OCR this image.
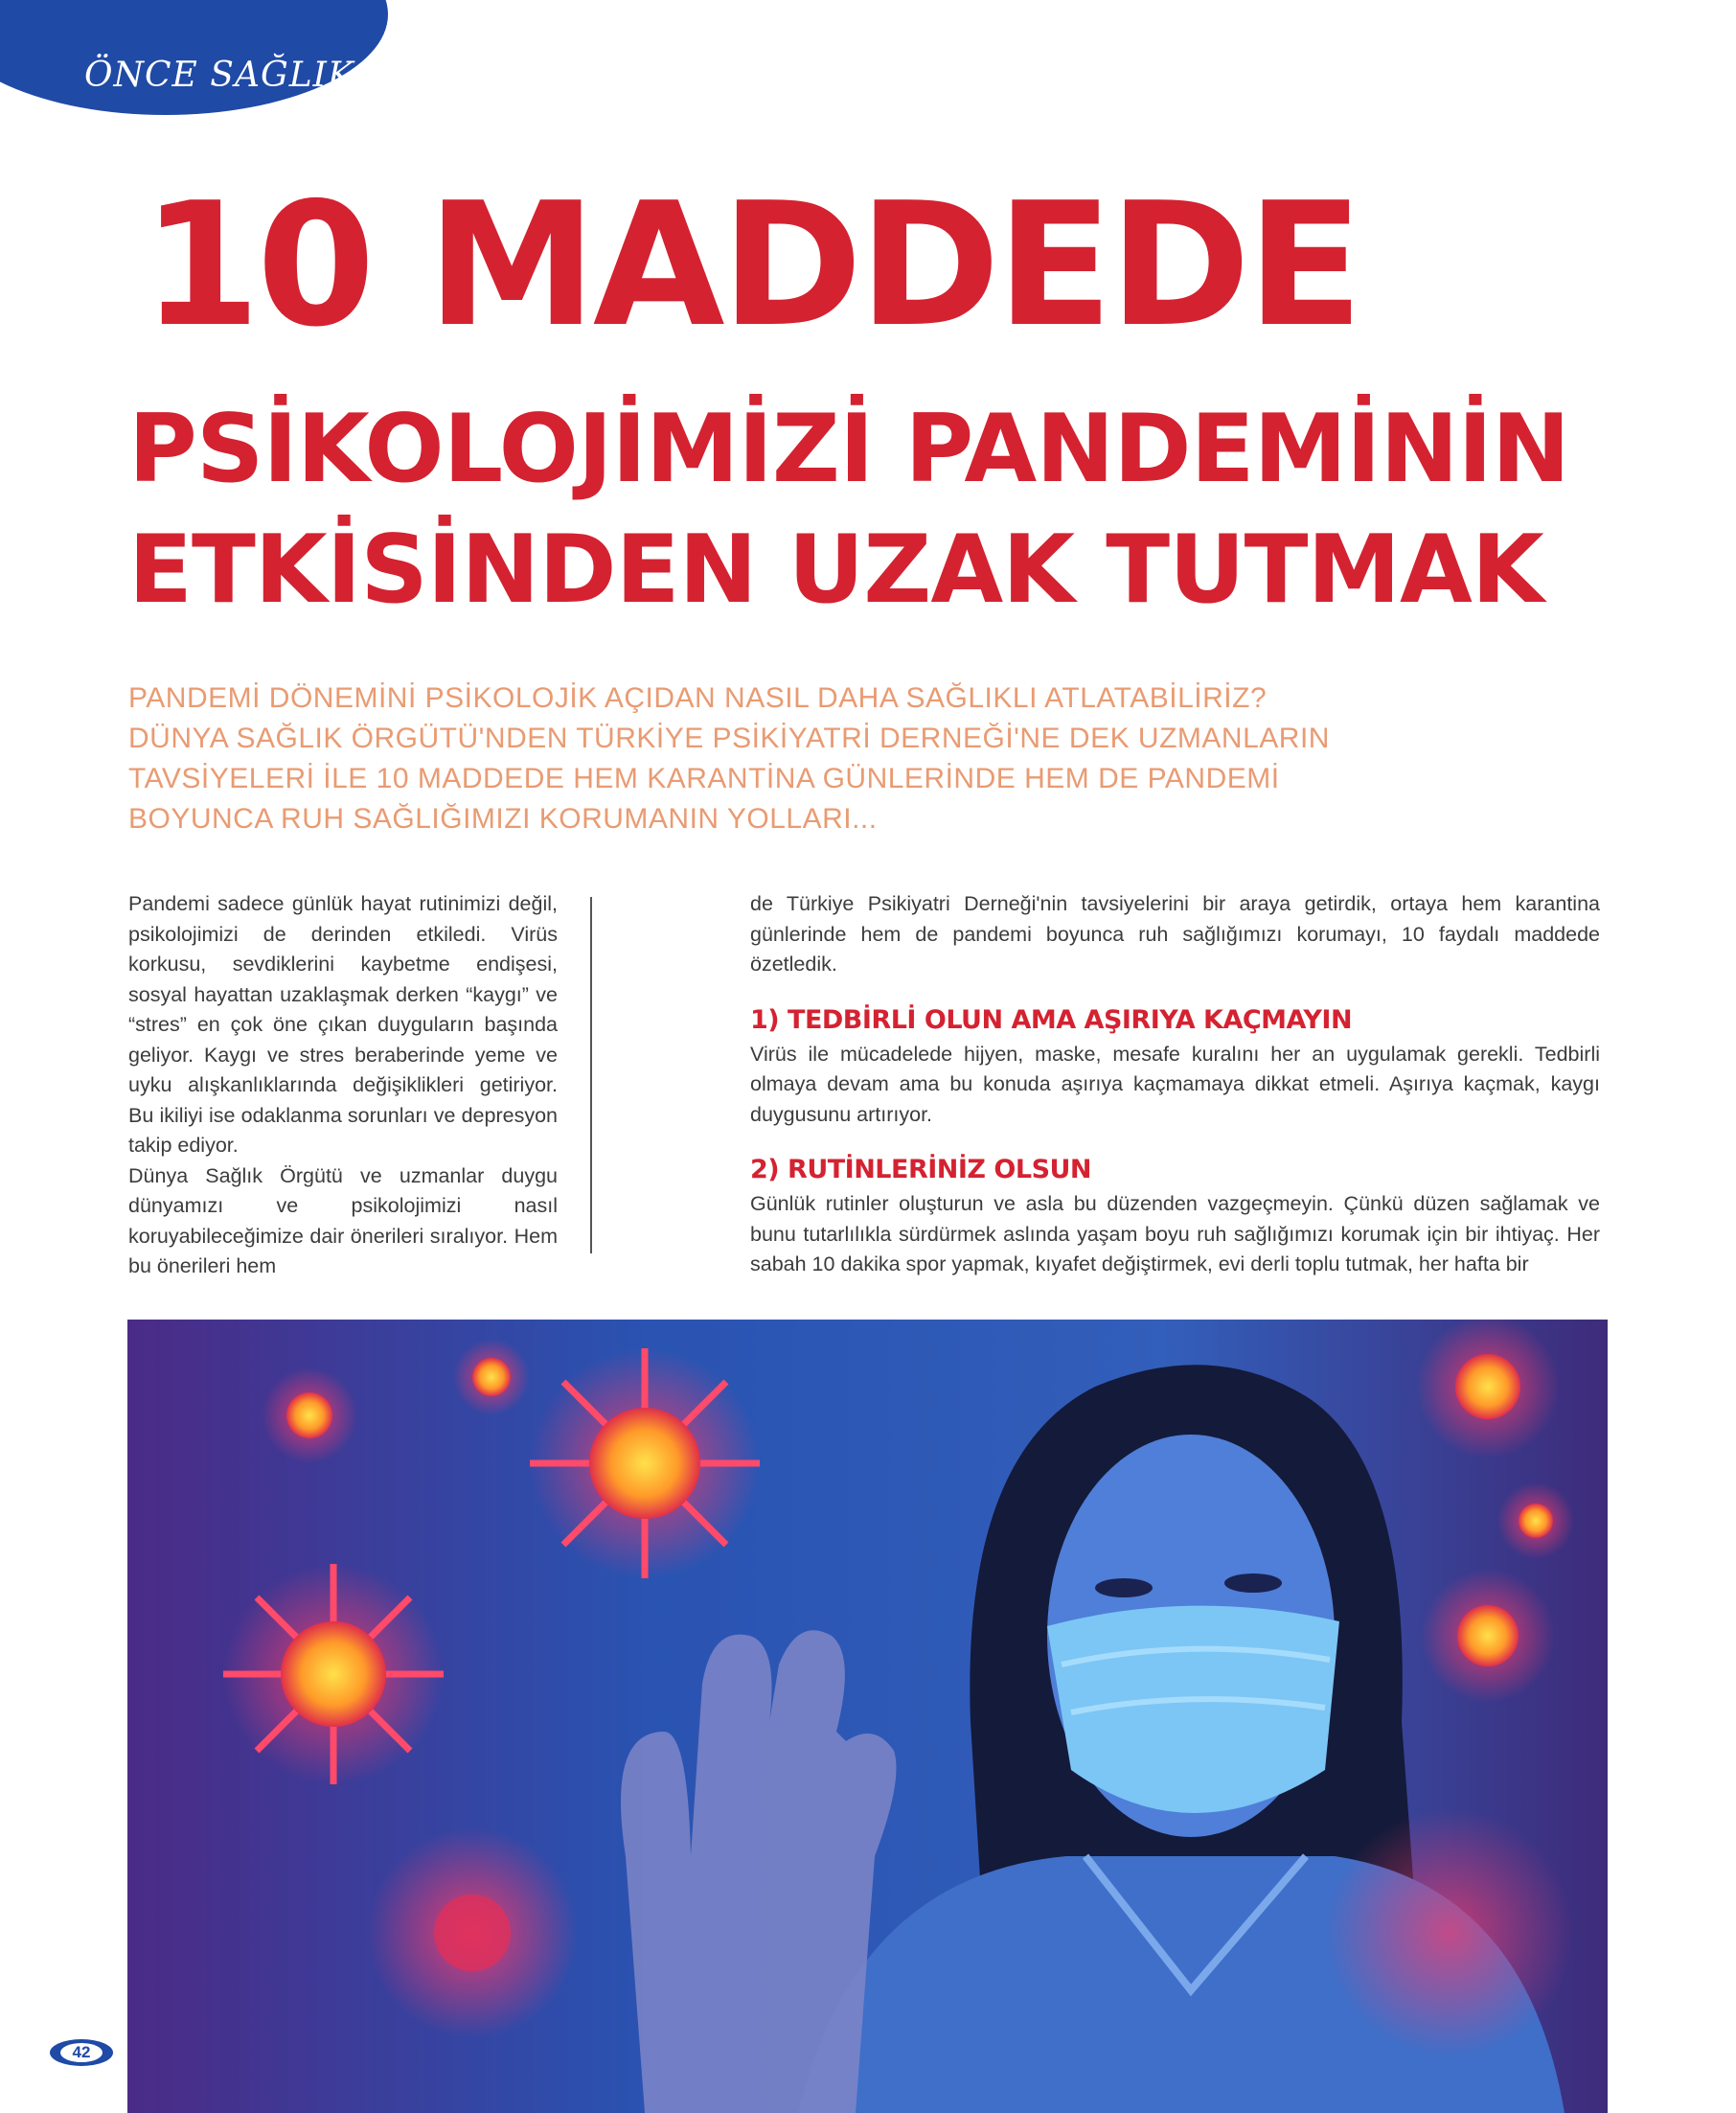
ÖNCE SAĞLIK

10 MADDEDE
PSİKOLOJİMİZİ PANDEMİNİN
ETKİSİNDEN UZAK TUTMAK
PANDEMİ DÖNEMİNİ PSİKOLOJİK AÇIDAN NASIL DAHA SAĞLIKLI ATLATABİLİRİZ?
DÜNYA SAĞLIK ÖRGÜTÜ'NDEN TÜRKİYE PSİKİYATRİ DERNEĞİ'NE DEK UZMANLARIN
TAVSİYELERİ İLE 10 MADDEDE HEM KARANTİNA GÜNLERİNDE HEM DE PANDEMİ
BOYUNCA RUH SAĞLIĞIMIZI KORUMANIN YOLLARI...

Pandemi sadece günlük hayat rutinimizi değil, psikolojimizi de derinden etkiledi. Virüs korkusu, sevdiklerini kaybetme endişesi, sosyal hayattan uzaklaşmak derken “kaygı” ve “stres” en çok öne çıkan duyguların başında geliyor. Kaygı ve stres beraberinde yeme ve uyku alışkanlıklarında değişiklikleri getiriyor. Bu ikiliyi ise odaklanma sorunları ve depresyon takip ediyor.

Dünya Sağlık Örgütü ve uzmanlar duygu dünyamızı ve psikolojimizi nasıl koruyabileceğimize dair önerileri sıralıyor. Hem bu önerileri hem

de Türkiye Psikiyatri Derneği'nin tavsiyelerini bir araya getirdik, ortaya hem karantina günlerinde hem de pandemi boyunca ruh sağlığımızı korumayı, 10 faydalı maddede özetledik.

1) TEDBİRLİ OLUN AMA AŞIRIYA KAÇMAYIN

Virüs ile mücadelede hijyen, maske, mesafe kuralını her an uygulamak gerekli. Tedbirli olmaya devam ama bu konuda aşırıya kaçmamaya dikkat etmeli. Aşırıya kaçmak, kaygı duygusunu artırıyor.

2) RUTİNLERİNİZ OLSUN

Günlük rutinler oluşturun ve asla bu düzenden vazgeçmeyin. Çünkü düzen sağlamak ve bunu tutarlılıkla sürdürmek aslında yaşam boyu ruh sağlığımızı korumak için bir ihtiyaç. Her sabah 10 dakika spor yapmak, kıyafet değiştirmek, evi derli toplu tutmak, her hafta bir

42
